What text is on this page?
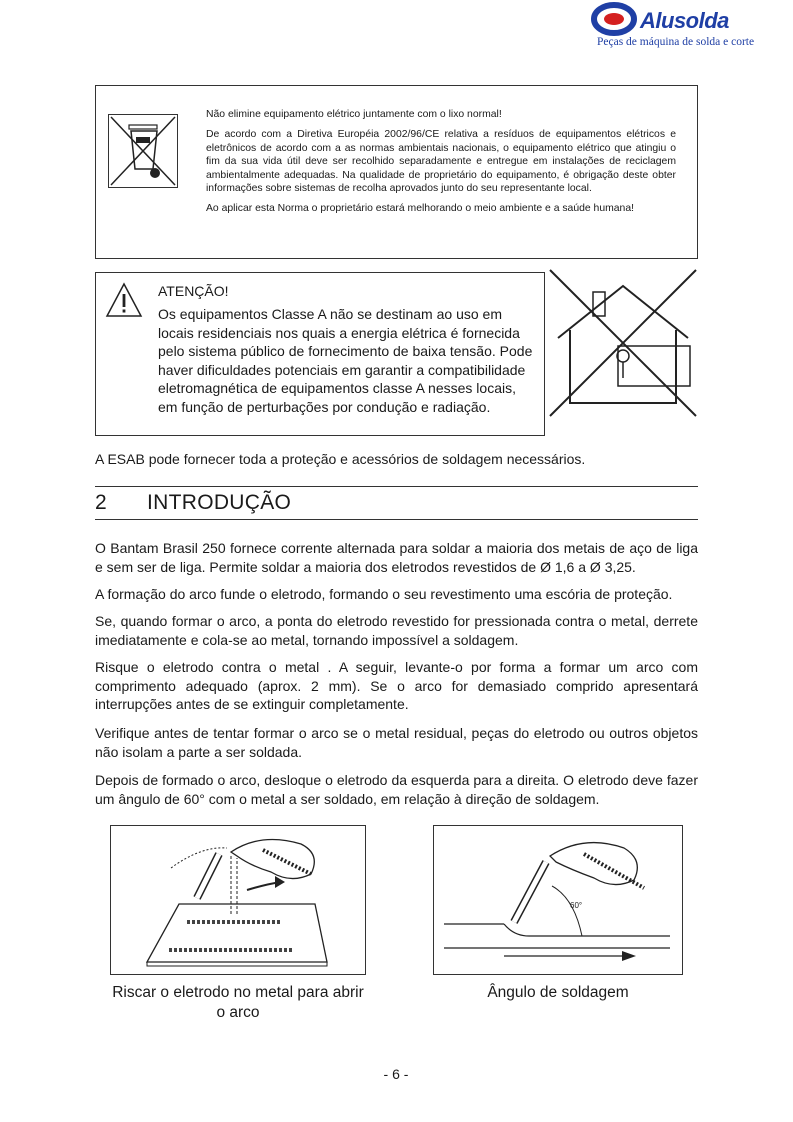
Alusolda
Peças de máquina de solda e corte

Não elimine equipamento elétrico juntamente com o lixo normal!

De acordo com a Diretiva Européia 2002/96/CE relativa a resíduos de equipamentos elétricos e eletrônicos de acordo com a as normas ambientais nacionais, o equipamento elétrico que atingiu o fim da sua vida útil deve ser recolhido separadamente e entregue em instalações de reciclagem ambientalmente adequadas. Na qualidade de proprietário do equipamento, é obrigação deste obter informações sobre sistemas de recolha aprovados junto do seu representante local.

Ao aplicar esta Norma o proprietário estará melhorando o meio ambiente e a saúde humana!

ATENÇÃO!
Os equipamentos Classe A não se destinam ao uso em locais residenciais nos quais a energia elétrica é fornecida pelo sistema público de fornecimento de baixa tensão. Pode haver dificuldades potenciais em garantir a compatibilidade eletromagnética de equipamentos classe A nesses locais, em função de perturbações por condução e radiação.
A ESAB pode fornecer toda a proteção e acessórios de soldagem necessários.
2 INTRODUÇÃO
O Bantam Brasil 250 fornece corrente alternada para soldar a maioria dos metais de aço de liga e sem ser de liga. Permite soldar a maioria dos eletrodos revestidos de Ø 1,6 a Ø 3,25.
A formação do arco funde o eletrodo, formando o seu revestimento uma escória de proteção.
Se, quando formar o arco, a ponta do eletrodo revestido for pressionada contra o metal, derrete imediatamente e cola-se ao metal, tornando impossível a soldagem.
Risque o eletrodo contra o metal . A seguir, levante-o por forma a formar um arco com comprimento adequado (aprox. 2 mm). Se o arco for demasiado comprido apresentará interrupções antes de se extinguir completamente.
Verifique antes de tentar formar o arco se o metal residual, peças do eletrodo ou outros objetos não isolam a parte a ser soldada.
Depois de formado o arco, desloque o eletrodo da esquerda para a direita. O eletrodo deve fazer um ângulo de 60° com o metal a ser soldado, em relação à direção de soldagem.
Riscar o eletrodo no metal para abrir o arco
60°
Ângulo de soldagem
- 6 -
